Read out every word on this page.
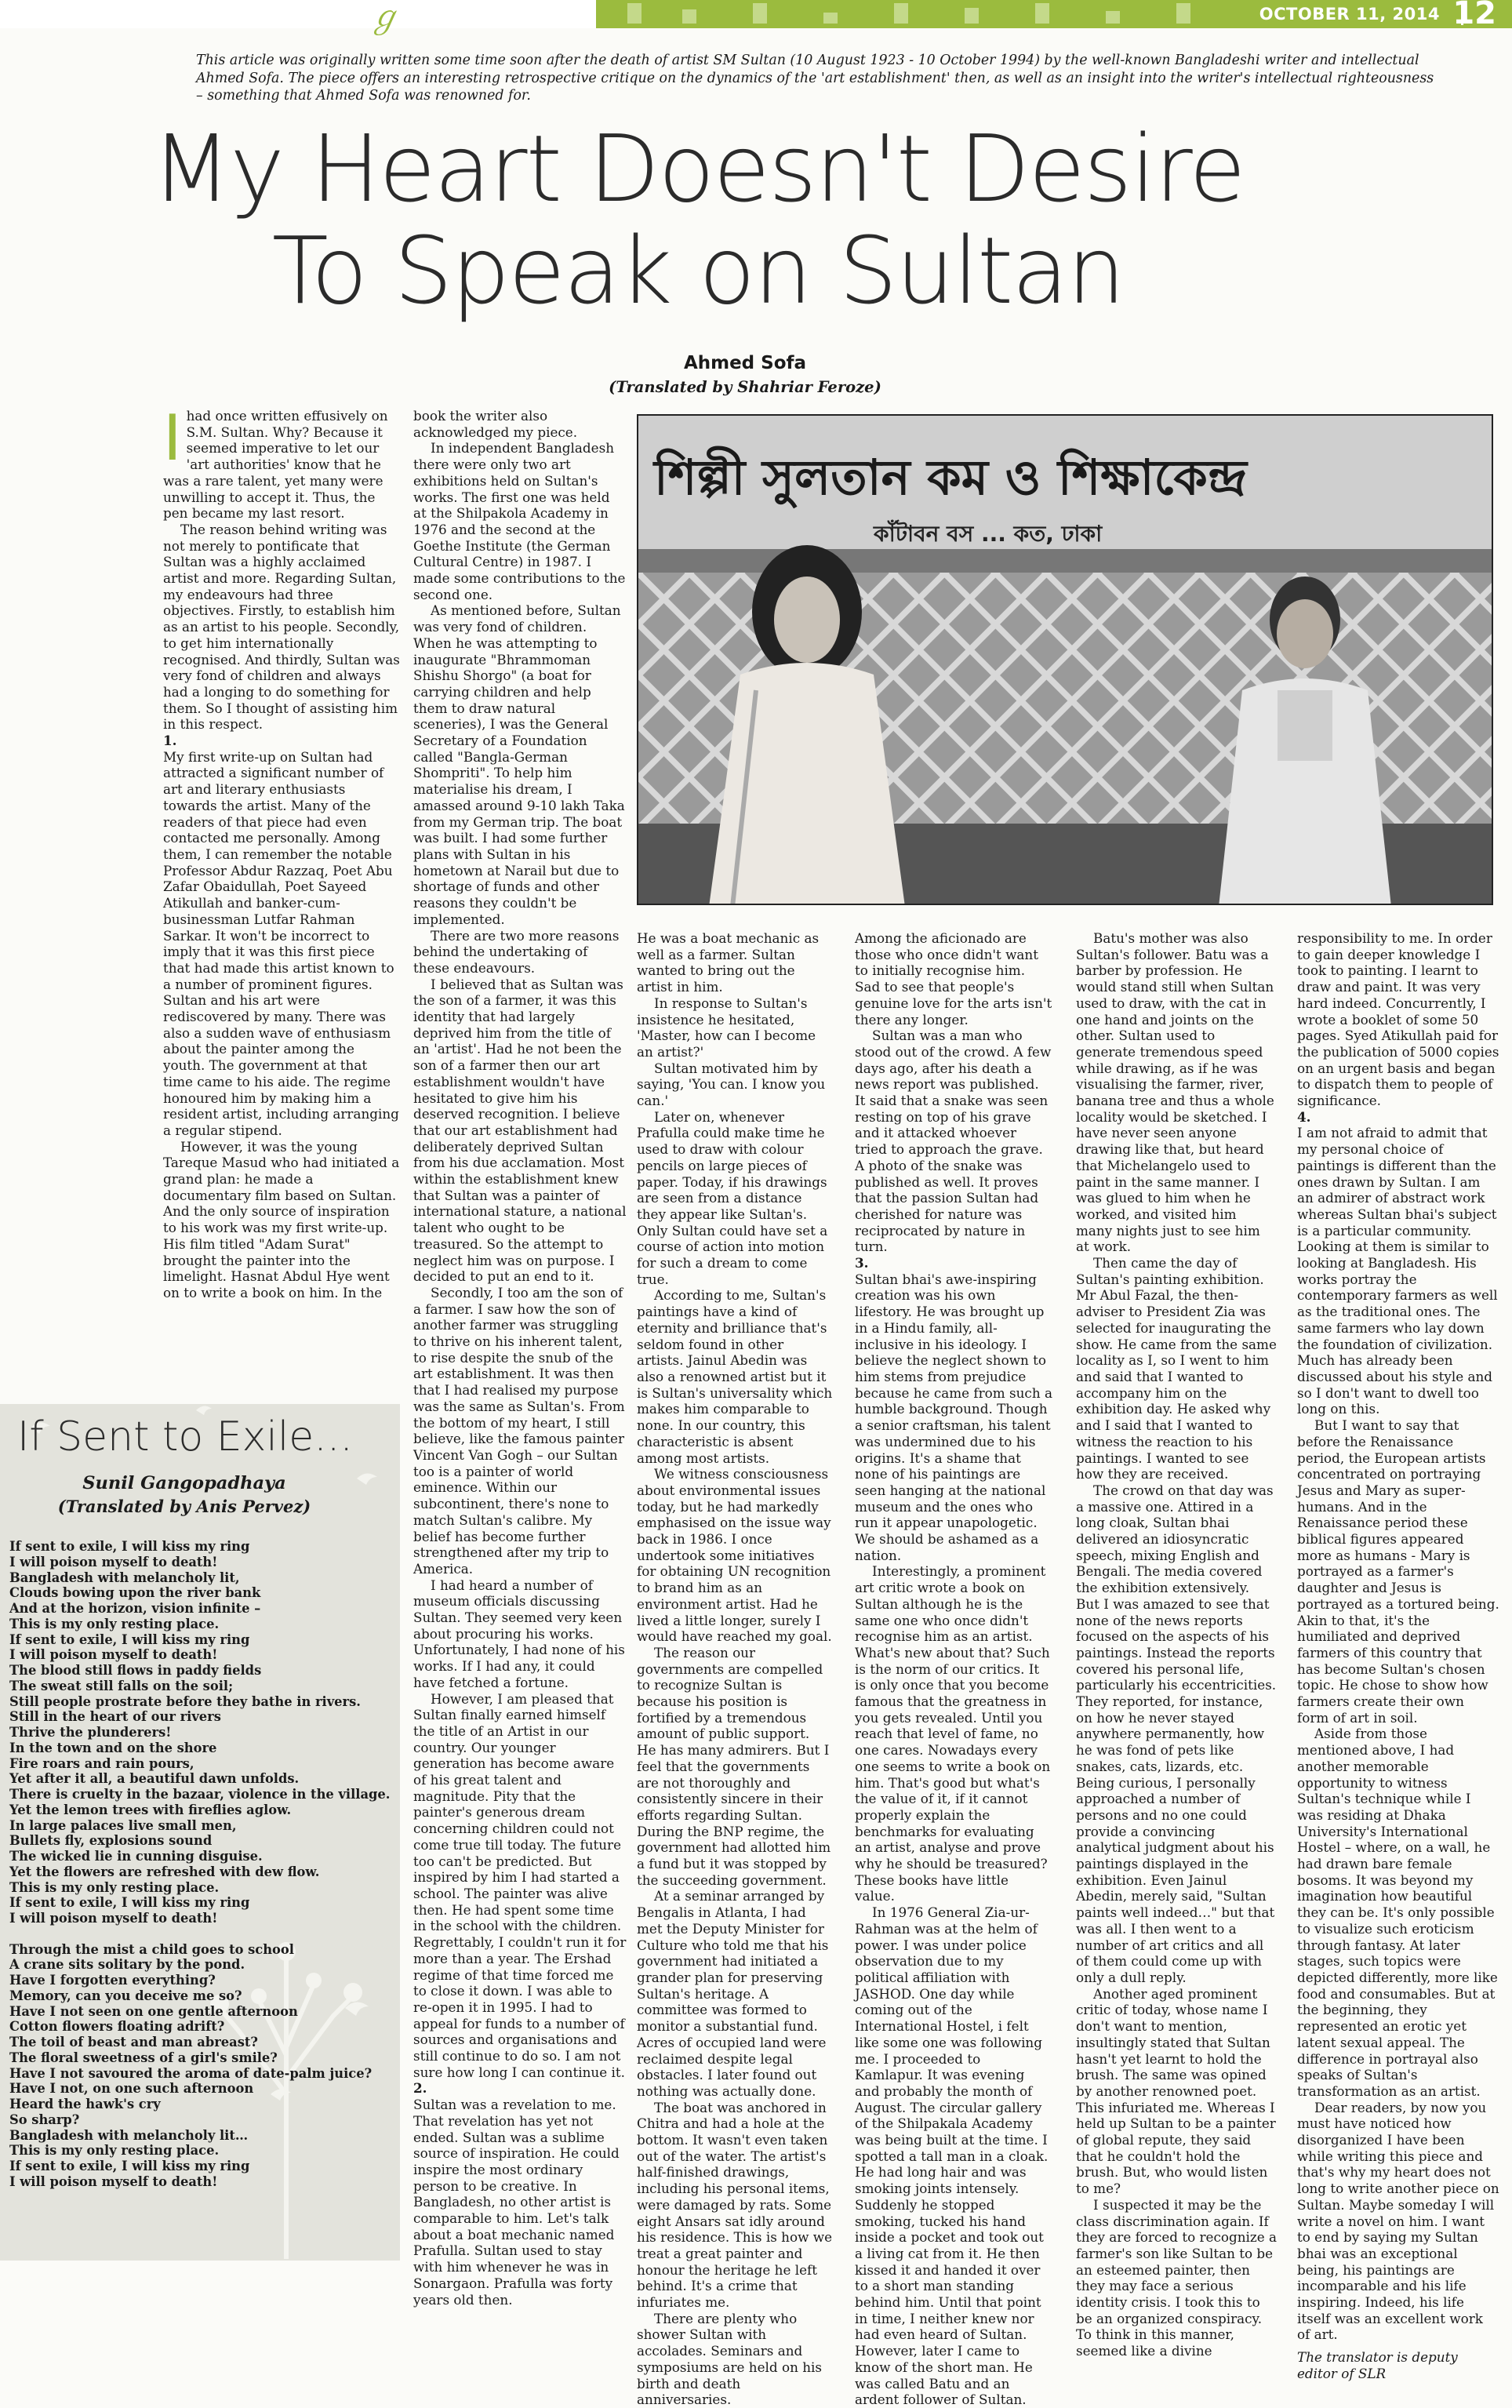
ℊ	OCTOBER 11, 2014 12
This article was originally written some time soon after the death of artist SM Sultan (10 August 1923 - 10 October 1994) by the well-known Bangladeshi writer and intellectual Ahmed Sofa. The piece offers an interesting retrospective critique on the dynamics of the 'art establishment' then, as well as an insight into the writer's intellectual righteousness – something that Ahmed Sofa was renowned for.
My Heart Doesn't Desire
To Speak on Sultan
Ahmed Sofa
(Translated by Shahriar Feroze)
শিল্পী সুলতান কম ও শিক্ষাকেন্দ্র
কাঁটাবন বস ... কত, ঢাকা
I had once written effusively on S.M. Sultan. Why? Because it seemed imperative to let our 'art authorities' know that he was a rare talent, yet many were unwilling to accept it. Thus, the pen became my last resort.

The reason behind writing was not merely to pontificate that Sultan was a highly acclaimed artist and more. Regarding Sultan, my endeavours had three objectives. Firstly, to establish him as an artist to his people. Secondly, to get him internationally recognised. And thirdly, Sultan was very fond of children and always had a longing to do something for them. So I thought of assisting him in this respect.

1.

My first write-up on Sultan had attracted a significant number of art and literary enthusiasts towards the artist. Many of the readers of that piece had even contacted me personally. Among them, I can remember the notable Professor Abdur Razzaq, Poet Abu Zafar Obaidullah, Poet Sayeed Atikullah and banker-cum-businessman Lutfar Rahman Sarkar. It won't be incorrect to imply that it was this first piece that had made this artist known to a number of prominent figures. Sultan and his art were rediscovered by many. There was also a sudden wave of enthusiasm about the painter among the youth. The government at that time came to his aide. The regime honoured him by making him a resident artist, including arranging a regular stipend.

However, it was the young Tareque Masud who had initiated a grand plan: he made a documentary film based on Sultan. And the only source of inspiration to his work was my first write-up. His film titled "Adam Surat" brought the painter into the limelight. Hasnat Abdul Hye went on to write a book on him. In the

book the writer also acknowledged my piece.

In independent Bangladesh there were only two art exhibitions held on Sultan's works. The first one was held at the Shilpakola Academy in 1976 and the second at the Goethe Institute (the German Cultural Centre) in 1987. I made some contributions to the second one.

As mentioned before, Sultan was very fond of children. When he was attempting to inaugurate "Bhrammoman Shishu Shorgo" (a boat for carrying children and help them to draw natural sceneries), I was the General Secretary of a Foundation called "Bangla-German Shompriti". To help him materialise his dream, I amassed around 9-10 lakh Taka from my German trip. The boat was built. I had some further plans with Sultan in his hometown at Narail but due to shortage of funds and other reasons they couldn't be implemented.

There are two more reasons behind the undertaking of these endeavours.

I believed that as Sultan was the son of a farmer, it was this identity that had largely deprived him from the title of an 'artist'. Had he not been the son of a farmer then our art establishment wouldn't have hesitated to give him his deserved recognition. I believe that our art establishment had deliberately deprived Sultan from his due acclamation. Most within the establishment knew that Sultan was a painter of international stature, a national talent who ought to be treasured. So the attempt to neglect him was on purpose. I decided to put an end to it.

Secondly, I too am the son of a farmer. I saw how the son of another farmer was struggling to thrive on his inherent talent, to rise despite the snub of the art establishment. It was then that I had realised my purpose was the same as Sultan's. From the bottom of my heart, I still believe, like the famous painter Vincent Van Gogh – our Sultan too is a painter of world eminence. Within our subcontinent, there's none to match Sultan's calibre. My belief has become further strengthened after my trip to America.

I had heard a number of museum officials discussing Sultan. They seemed very keen about procuring his works. Unfortunately, I had none of his works. If I had any, it could have fetched a fortune.

However, I am pleased that Sultan finally earned himself the title of an Artist in our country. Our younger generation has become aware of his great talent and magnitude. Pity that the painter's generous dream concerning children could not come true till today. The future too can't be predicted. But inspired by him I had started a school. The painter was alive then. He had spent some time in the school with the children. Regrettably, I couldn't run it for more than a year. The Ershad regime of that time forced me to close it down. I was able to re-open it in 1995. I had to appeal for funds to a number of sources and organisations and still continue to do so. I am not sure how long I can continue it.

2.

Sultan was a revelation to me. That revelation has yet not ended. Sultan was a sublime source of inspiration. He could inspire the most ordinary person to be creative. In Bangladesh, no other artist is comparable to him. Let's talk about a boat mechanic named Prafulla. Sultan used to stay with him whenever he was in Sonargaon. Prafulla was forty years old then.

He was a boat mechanic as well as a farmer. Sultan wanted to bring out the artist in him.

In response to Sultan's insistence he hesitated, 'Master, how can I become an artist?'

Sultan motivated him by saying, 'You can. I know you can.'

Later on, whenever Prafulla could make time he used to draw with colour pencils on large pieces of paper. Today, if his drawings are seen from a distance they appear like Sultan's. Only Sultan could have set a course of action into motion for such a dream to come true.

According to me, Sultan's paintings have a kind of eternity and brilliance that's seldom found in other artists. Jainul Abedin was also a renowned artist but it is Sultan's universality which makes him comparable to none. In our country, this characteristic is absent among most artists.

We witness consciousness about environmental issues today, but he had markedly emphasised on the issue way back in 1986. I once undertook some initiatives for obtaining UN recognition to brand him as an environment artist. Had he lived a little longer, surely I would have reached my goal.

The reason our governments are compelled to recognize Sultan is because his position is fortified by a tremendous amount of public support. He has many admirers. But I feel that the governments are not thoroughly and consistently sincere in their efforts regarding Sultan. During the BNP regime, the government had allotted him a fund but it was stopped by the succeeding government.

At a seminar arranged by Bengalis in Atlanta, I had met the Deputy Minister for Culture who told me that his government had initiated a grander plan for preserving Sultan's heritage. A committee was formed to monitor a substantial fund. Acres of occupied land were reclaimed despite legal obstacles. I later found out nothing was actually done.

The boat was anchored in Chitra and had a hole at the bottom. It wasn't even taken out of the water. The artist's half-finished drawings, including his personal items, were damaged by rats. Some eight Ansars sat idly around his residence. This is how we treat a great painter and honour the heritage he left behind. It's a crime that infuriates me.

There are plenty who shower Sultan with accolades. Seminars and symposiums are held on his birth and death anniversaries.

Among the aficionado are those who once didn't want to initially recognise him. Sad to see that people's genuine love for the arts isn't there any longer.

Sultan was a man who stood out of the crowd. A few days ago, after his death a news report was published. It said that a snake was seen resting on top of his grave and it attacked whoever tried to approach the grave. A photo of the snake was published as well. It proves that the passion Sultan had cherished for nature was reciprocated by nature in turn.

3.

Sultan bhai's awe-inspiring creation was his own lifestory. He was brought up in a Hindu family, all-inclusive in his ideology. I believe the neglect shown to him stems from prejudice because he came from such a humble background. Though a senior craftsman, his talent was undermined due to his origins. It's a shame that none of his paintings are seen hanging at the national museum and the ones who run it appear unapologetic. We should be ashamed as a nation.

Interestingly, a prominent art critic wrote a book on Sultan although he is the same one who once didn't recognise him as an artist. What's new about that? Such is the norm of our critics. It is only once that you become famous that the greatness in you gets revealed. Until you reach that level of fame, no one cares. Nowadays every one seems to write a book on him. That's good but what's the value of it, if it cannot properly explain the benchmarks for evaluating an artist, analyse and prove why he should be treasured? These books have little value.

In 1976 General Zia-ur-Rahman was at the helm of power. I was under police observation due to my political affiliation with JASHOD. One day while coming out of the International Hostel, i felt like some one was following me. I proceeded to Kamlapur. It was evening and probably the month of August. The circular gallery of the Shilpakala Academy was being built at the time. I spotted a tall man in a cloak. He had long hair and was smoking joints intensely. Suddenly he stopped smoking, tucked his hand inside a pocket and took out a living cat from it. He then kissed it and handed it over to a short man standing behind him. Until that point in time, I neither knew nor had even heard of Sultan. However, later I came to know of the short man. He was called Batu and an ardent follower of Sultan.

Batu's mother was also Sultan's follower. Batu was a barber by profession. He would stand still when Sultan used to draw, with the cat in one hand and joints on the other. Sultan used to generate tremendous speed while drawing, as if he was visualising the farmer, river, banana tree and thus a whole locality would be sketched. I have never seen anyone drawing like that, but heard that Michelangelo used to paint in the same manner. I was glued to him when he worked, and visited him many nights just to see him at work.

Then came the day of Sultan's painting exhibition. Mr Abul Fazal, the then-adviser to President Zia was selected for inaugurating the show. He came from the same locality as I, so I went to him and said that I wanted to accompany him on the exhibition day. He asked why and I said that I wanted to witness the reaction to his paintings. I wanted to see how they are received.

The crowd on that day was a massive one. Attired in a long cloak, Sultan bhai delivered an idiosyncratic speech, mixing English and Bengali. The media covered the exhibition extensively. But I was amazed to see that none of the news reports focused on the aspects of his paintings. Instead the reports covered his personal life, particularly his eccentricities. They reported, for instance, on how he never stayed anywhere permanently, how he was fond of pets like snakes, cats, lizards, etc. Being curious, I personally approached a number of persons and no one could provide a convincing analytical judgment about his paintings displayed in the exhibition. Even Jainul Abedin, merely said, "Sultan paints well indeed…" but that was all. I then went to a number of art critics and all of them could come up with only a dull reply.

Another aged prominent critic of today, whose name I don't want to mention, insultingly stated that Sultan hasn't yet learnt to hold the brush. The same was opined by another renowned poet. This infuriated me. Whereas I held up Sultan to be a painter of global repute, they said that he couldn't hold the brush. But, who would listen to me?

I suspected it may be the class discrimination again. If they are forced to recognize a farmer's son like Sultan to be an esteemed painter, then they may face a serious identity crisis. I took this to be an organized conspiracy. To think in this manner, seemed like a divine

responsibility to me. In order to gain deeper knowledge I took to painting. I learnt to draw and paint. It was very hard indeed. Concurrently, I wrote a booklet of some 50 pages. Syed Atikullah paid for the publication of 5000 copies on an urgent basis and began to dispatch them to people of significance.

4.

I am not afraid to admit that my personal choice of paintings is different than the ones drawn by Sultan. I am an admirer of abstract work whereas Sultan bhai's subject is a particular community. Looking at them is similar to looking at Bangladesh. His works portray the contemporary farmers as well as the traditional ones. The same farmers who lay down the foundation of civilization. Much has already been discussed about his style and so I don't want to dwell too long on this.

But I want to say that before the Renaissance period, the European artists concentrated on portraying Jesus and Mary as super-humans. And in the Renaissance period these biblical figures appeared more as humans - Mary is portrayed as a farmer's daughter and Jesus is portrayed as a tortured being. Akin to that, it's the humiliated and deprived farmers of this country that has become Sultan's chosen topic. He chose to show how farmers create their own form of art in soil.

Aside from those mentioned above, I had another memorable opportunity to witness Sultan's technique while I was residing at Dhaka University's International Hostel – where, on a wall, he had drawn bare female bosoms. It was beyond my imagination how beautiful they can be. It's only possible to visualize such eroticism through fantasy. At later stages, such topics were depicted differently, more like food and consumables. But at the beginning, they represented an erotic yet latent sexual appeal. The difference in portrayal also speaks of Sultan's transformation as an artist.

Dear readers, by now you must have noticed how disorganized I have been while writing this piece and that's why my heart does not long to write another piece on Sultan. Maybe someday I will write a novel on him. I want to end by saying my Sultan bhai was an exceptional being, his paintings are incomparable and his life inspiring. Indeed, his life itself was an excellent work of art.

The translator is deputy editor of SLR

If Sent to Exile...
Sunil Gangopadhaya
(Translated by Anis Pervez)
If sent to exile, I will kiss my ring
I will poison myself to death!
Bangladesh with melancholy lit,
Clouds bowing upon the river bank
And at the horizon, vision infinite –
This is my only resting place.
If sent to exile, I will kiss my ring
I will poison myself to death!
The blood still flows in paddy fields
The sweat still falls on the soil;
Still people prostrate before they bathe in rivers.
Still in the heart of our rivers
Thrive the plunderers!
In the town and on the shore
Fire roars and rain pours,
Yet after it all, a beautiful dawn unfolds.
There is cruelty in the bazaar, violence in the village.
Yet the lemon trees with fireflies aglow.
In large palaces live small men,
Bullets fly, explosions sound
The wicked lie in cunning disguise.
Yet the flowers are refreshed with dew flow.
This is my only resting place.
If sent to exile, I will kiss my ring
I will poison myself to death!
Through the mist a child goes to school
A crane sits solitary by the pond.
Have I forgotten everything?
Memory, can you deceive me so?
Have I not seen on one gentle afternoon
Cotton flowers floating adrift?
The toil of beast and man abreast?
The floral sweetness of a girl's smile?
Have I not savoured the aroma of date-palm juice?
Have I not, on one such afternoon
Heard the hawk's cry
So sharp?
Bangladesh with melancholy lit…
This is my only resting place.
If sent to exile, I will kiss my ring
I will poison myself to death!
